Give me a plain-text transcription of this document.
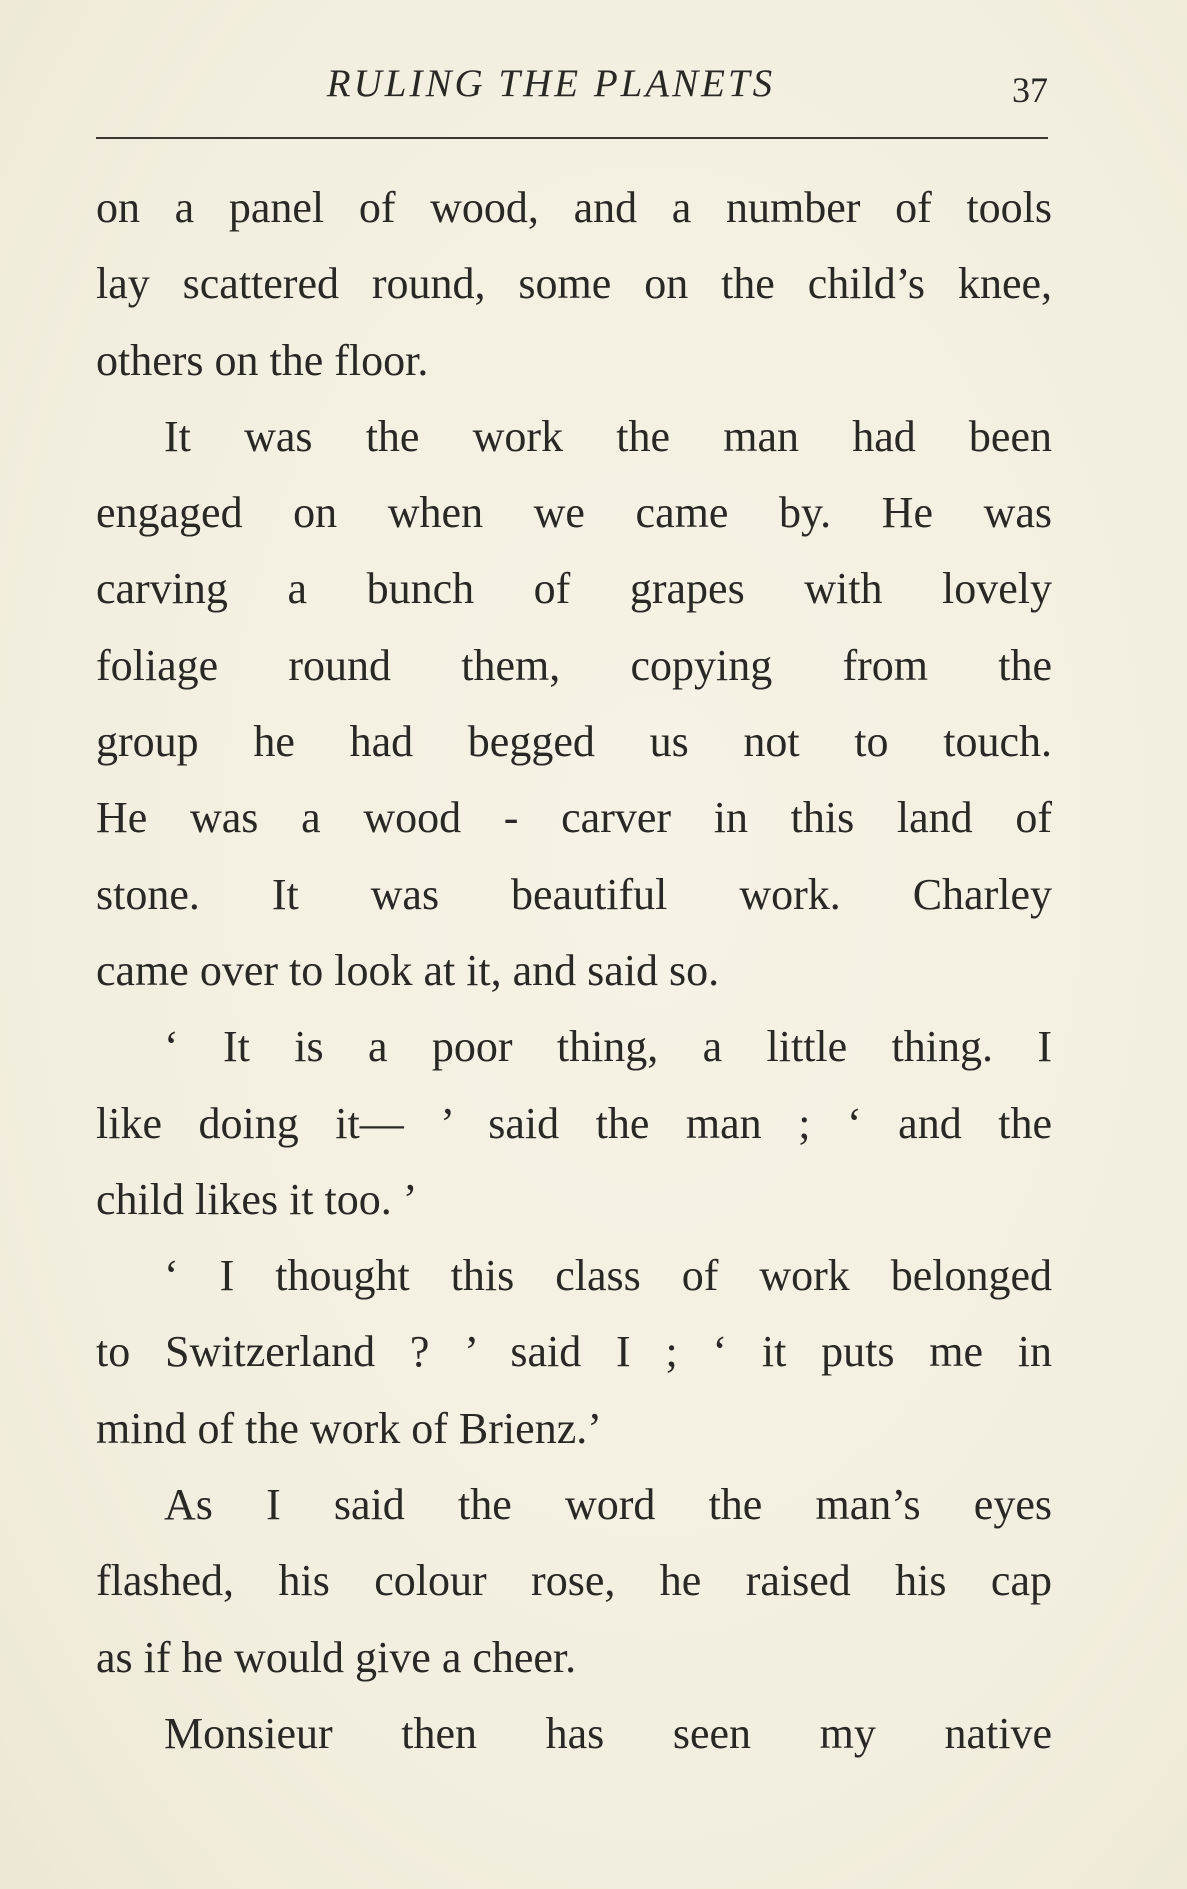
RULING THE PLANETS	37
on a panel of wood, and a number of tools
lay scattered round, some on the child’s knee,
others on the floor.
It was the work the man had been
engaged on when we came by. He was
carving a bunch of grapes with lovely
foliage round them, copying from the
group he had begged us not to touch.
He was a wood - carver in this land of
stone. It was beautiful work. Charley
came over to look at it, and said so.
‘ It is a poor thing, a little thing. I
like doing it— ’ said the man ; ‘ and the
child likes it too. ’
‘ I thought this class of work belonged
to Switzerland ? ’ said I ; ‘ it puts me in
mind of the work of Brienz.’
As I said the word the man’s eyes
flashed, his colour rose, he raised his cap
as if he would give a cheer.
Monsieur then has seen my native
